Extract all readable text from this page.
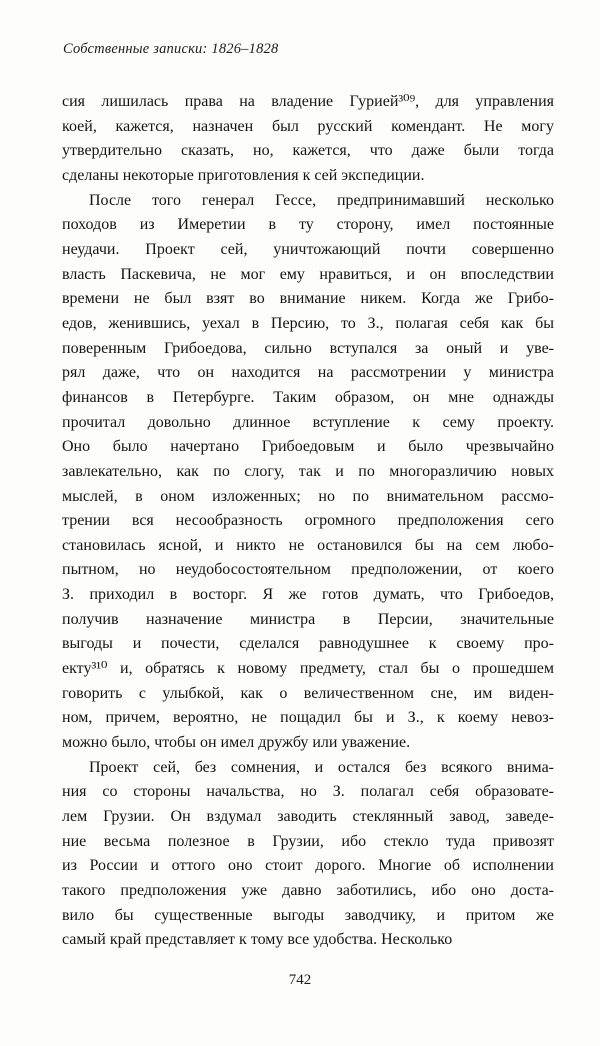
Собственные записки: 1826–1828
сия лишилась права на владение Гурией³⁰⁹, для управления
коей, кажется, назначен был русский комендант. Не могу
утвердительно сказать, но, кажется, что даже были тогда
сделаны некоторые приготовления к сей экспедиции.
После того генерал Гессе, предпринимавший несколько
походов из Имеретии в ту сторону, имел постоянные
неудачи. Проект сей, уничтожающий почти совершенно
власть Паскевича, не мог ему нравиться, и он впоследствии
времени не был взят во внимание никем. Когда же Грибо-
едов, женившись, уехал в Персию, то З., полагая себя как бы
поверенным Грибоедова, сильно вступался за оный и уве-
рял даже, что он находится на рассмотрении у министра
финансов в Петербурге. Таким образом, он мне однажды
прочитал довольно длинное вступление к сему проекту.
Оно было начертано Грибоедовым и было чрезвычайно
завлекательно, как по слогу, так и по многоразличию новых
мыслей, в оном изложенных; но по внимательном рассмо-
трении вся несообразность огромного предположения сего
становилась ясной, и никто не остановился бы на сем любо-
пытном, но неудобосостоятельном предположении, от коего
З. приходил в восторг. Я же готов думать, что Грибоедов,
получив назначение министра в Персии, значительные
выгоды и почести, сделался равнодушнее к своему про-
екту³¹⁰ и, обратясь к новому предмету, стал бы о прошедшем
говорить с улыбкой, как о величественном сне, им виден-
ном, причем, вероятно, не пощадил бы и З., к коему невоз-
можно было, чтобы он имел дружбу или уважение.
Проект сей, без сомнения, и остался без всякого внима-
ния со стороны начальства, но З. полагал себя образовате-
лем Грузии. Он вздумал заводить стеклянный завод, заведе-
ние весьма полезное в Грузии, ибо стекло туда привозят
из России и оттого оно стоит дорого. Многие об исполнении
такого предположения уже давно заботились, ибо оно доста-
вило бы существенные выгоды заводчику, и притом же
самый край представляет к тому все удобства. Несколько
742
